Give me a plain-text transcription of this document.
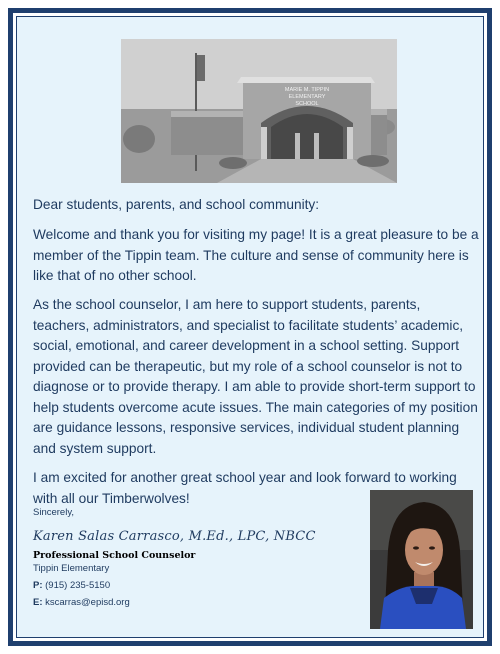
MARIE M. TIPPIN
ELEMENTARY
SCHOOL

Dear students, parents, and school community:

Welcome and thank you for visiting my page! It is a great pleasure to be a member of the Tippin team. The culture and sense of community here is like that of no other school.

As the school counselor, I am here to support students, parents, teachers, administrators, and specialist to facilitate students’ academic, social, emotional, and career development in a school setting. Support provided can be therapeutic, but my role of a school counselor is not to diagnose or to provide therapy. I am able to provide short-term support to help students overcome acute issues. The main categories of my position are guidance lessons, responsive services, individual student planning and system support.

I am excited for another great school year and look forward to working with all our Timberwolves!

Sincerely,
Karen Salas Carrasco, M.Ed., LPC, NBCC
Professional School Counselor
Tippin Elementary
P: (915) 235-5150
E: kscarras@episd.org
